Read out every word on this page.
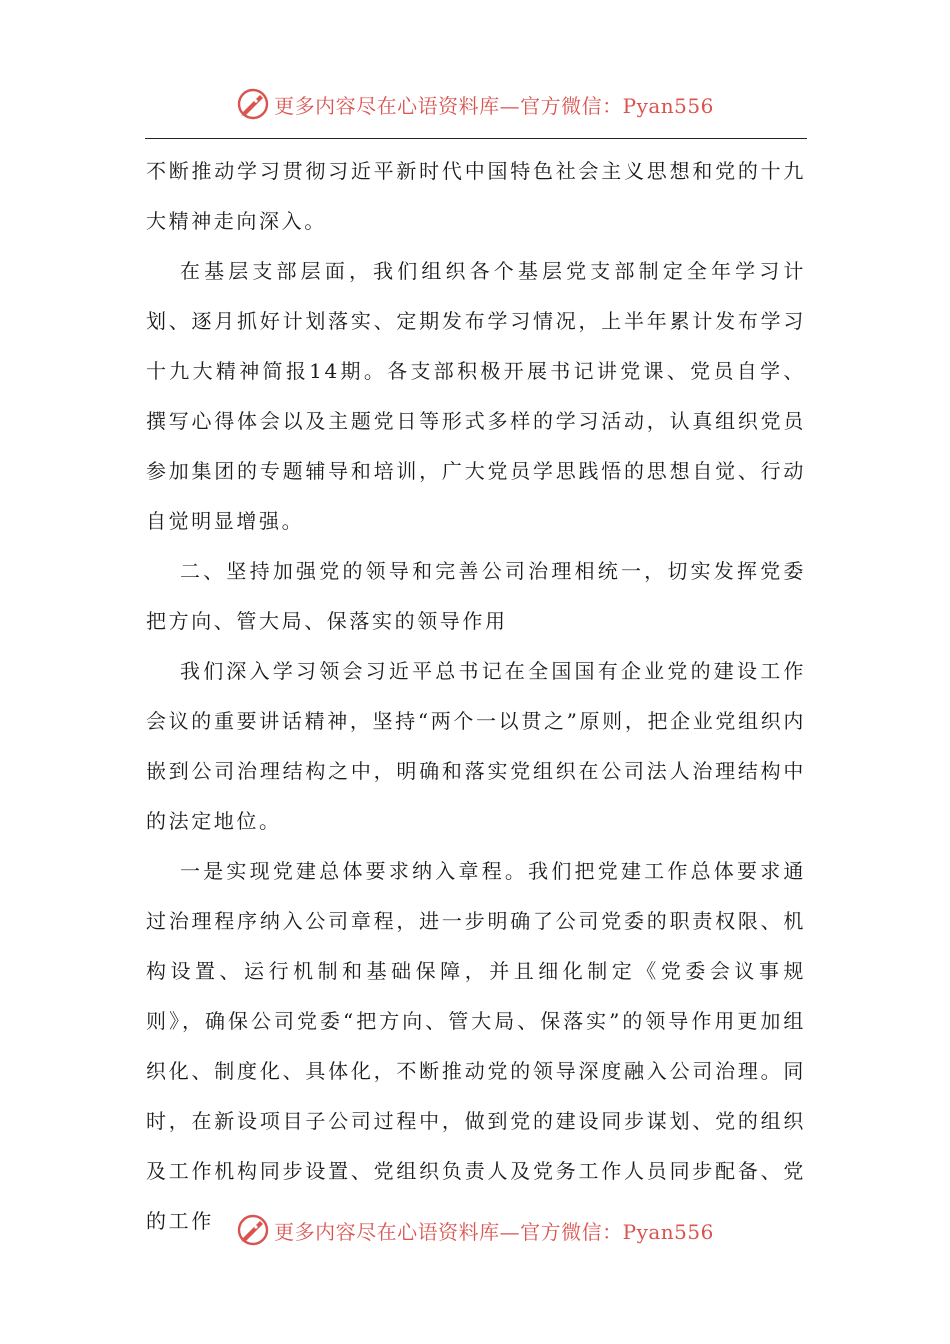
更多内容尽在心语资料库—官方微信：Pyan556

不断推动学习贯彻习近平新时代中国特色社会主义思想和党的十九大精神走向深入。

在基层支部层面，我们组织各个基层党支部制定全年学习计划、逐月抓好计划落实、定期发布学习情况，上半年累计发布学习十九大精神简报14期。各支部积极开展书记讲党课、党员自学、撰写心得体会以及主题党日等形式多样的学习活动，认真组织党员参加集团的专题辅导和培训，广大党员学思践悟的思想自觉、行动自觉明显增强。

二、坚持加强党的领导和完善公司治理相统一，切实发挥党委把方向、管大局、保落实的领导作用

我们深入学习领会习近平总书记在全国国有企业党的建设工作会议的重要讲话精神，坚持“两个一以贯之”原则，把企业党组织内嵌到公司治理结构之中，明确和落实党组织在公司法人治理结构中的法定地位。

一是实现党建总体要求纳入章程。我们把党建工作总体要求通过治理程序纳入公司章程，进一步明确了公司党委的职责权限、机构设置、运行机制和基础保障，并且细化制定《党委会议事规则》，确保公司党委“把方向、管大局、保落实”的领导作用更加组织化、制度化、具体化，不断推动党的领导深度融入公司治理。同时，在新设项目子公司过程中，做到党的建设同步谋划、党的组织及工作机构同步设置、党组织负责人及党务工作人员同步配备、党的工作	更多内容尽在心语资料库—官方微信：Pyan556
